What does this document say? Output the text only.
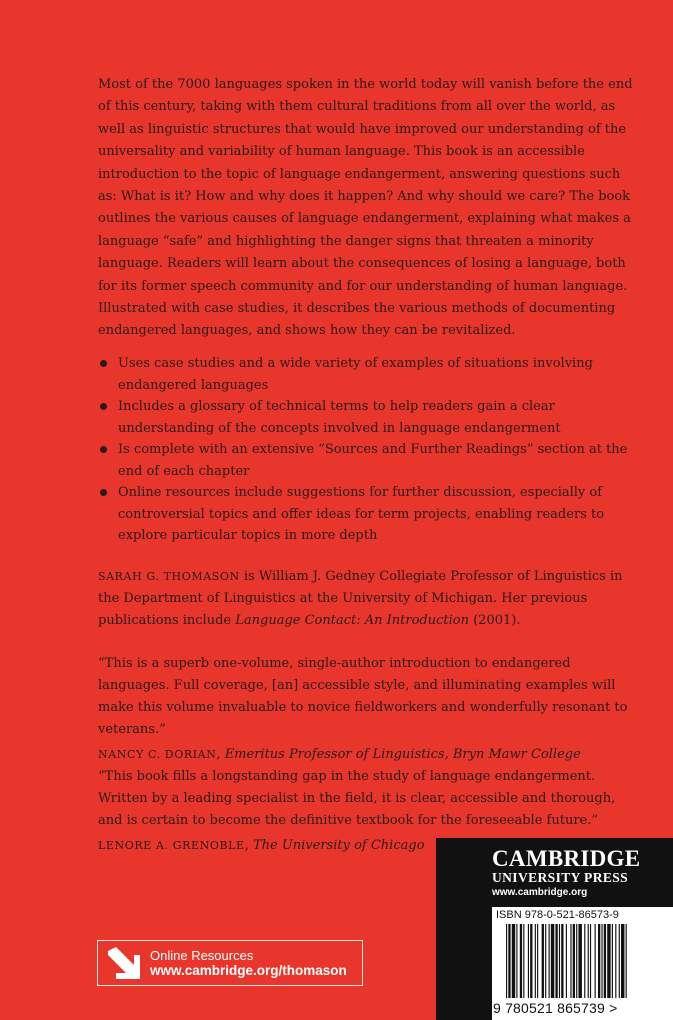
Most of the 7000 languages spoken in the world today will vanish before the end of this century, taking with them cultural traditions from all over the world, as well as linguistic structures that would have improved our understanding of the universality and variability of human language. This book is an accessible introduction to the topic of language endangerment, answering questions such as: What is it? How and why does it happen? And why should we care? The book outlines the various causes of language endangerment, explaining what makes a language “safe” and highlighting the danger signs that threaten a minority language. Readers will learn about the consequences of losing a language, both for its former speech community and for our understanding of human language. Illustrated with case studies, it describes the various methods of documenting endangered languages, and shows how they can be revitalized.

Uses case studies and a wide variety of examples of situations involving endangered languages
Includes a glossary of technical terms to help readers gain a clear understanding of the concepts involved in language endangerment
Is complete with an extensive “Sources and Further Readings” section at the end of each chapter
Online resources include suggestions for further discussion, especially of controversial topics and offer ideas for term projects, enabling readers to explore particular topics in more depth

SARAH G. THOMASON is William J. Gedney Collegiate Professor of Linguistics in the Department of Linguistics at the University of Michigan. Her previous publications include Language Contact: An Introduction (2001).

“This is a superb one-volume, single-author introduction to endangered languages. Full coverage, [an] accessible style, and illuminating examples will make this volume invaluable to novice fieldworkers and wonderfully resonant to veterans.”
NANCY C. DORIAN, Emeritus Professor of Linguistics, Bryn Mawr College

“This book fills a longstanding gap in the study of language endangerment. Written by a leading specialist in the field, it is clear, accessible and thorough, and is certain to become the definitive textbook for the foreseeable future.”
LENORE A. GRENOBLE, The University of Chicago

Online Resources
www.cambridge.org/thomason
CAMBRIDGE
UNIVERSITY PRESS
www.cambridge.org
ISBN 978-0-521-86573-9
9 780521 865739 >
